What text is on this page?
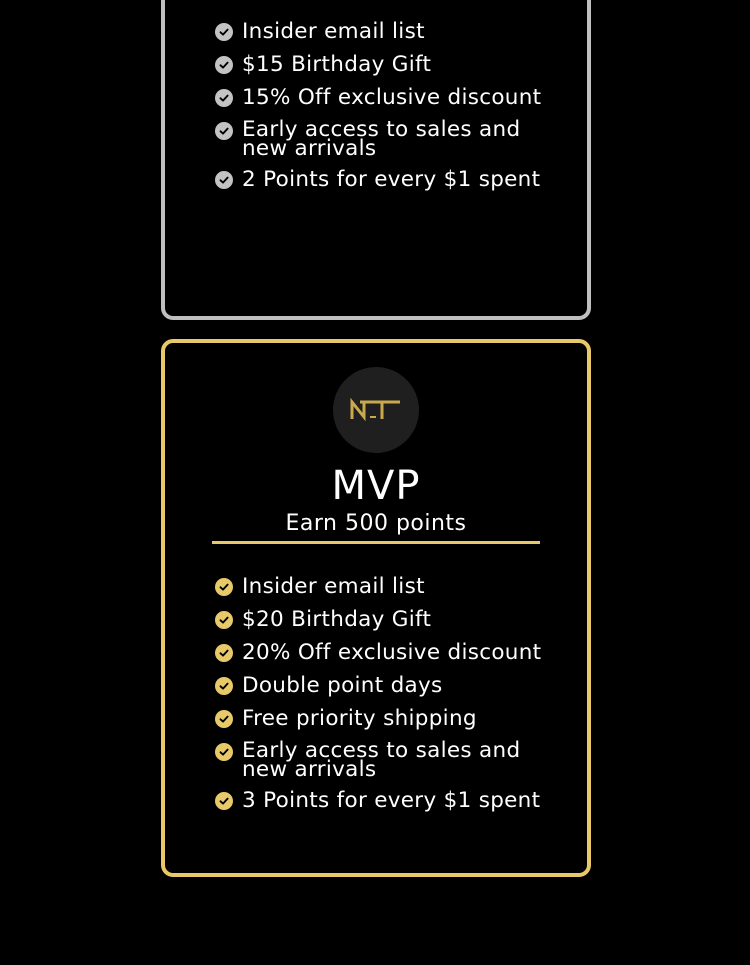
Insider email list
$15 Birthday Gift
15% Off exclusive discount
Early access to sales and new arrivals
2 Points for every $1 spent
MVP
Earn 500 points
Insider email list
$20 Birthday Gift
20% Off exclusive discount
Double point days
Free priority shipping
Early access to sales and new arrivals
3 Points for every $1 spent
